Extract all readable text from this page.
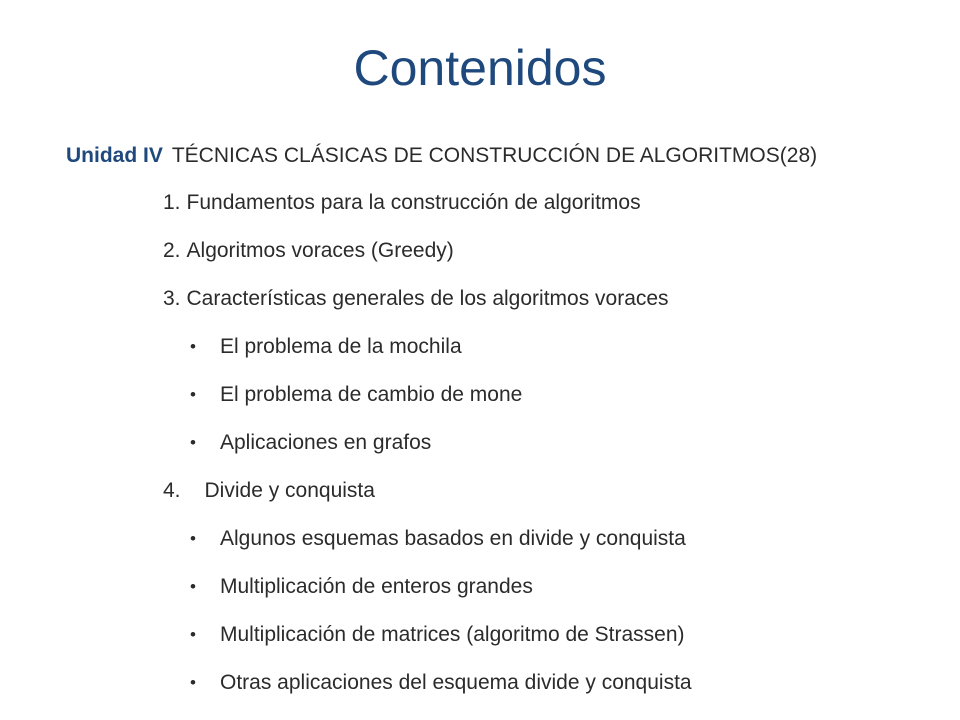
Contenidos
Unidad IV TÉCNICAS CLÁSICAS DE CONSTRUCCIÓN DE ALGORITMOS(28)
1. Fundamentos para la construcción de algoritmos
2. Algoritmos voraces (Greedy)
3. Características generales de los algoritmos voraces
• El problema de la mochila
• El problema de cambio de mone
• Aplicaciones en grafos
4. Divide y conquista
• Algunos esquemas basados en divide y conquista
• Multiplicación de enteros grandes
• Multiplicación de matrices (algoritmo de Strassen)
• Otras aplicaciones del esquema divide y conquista
